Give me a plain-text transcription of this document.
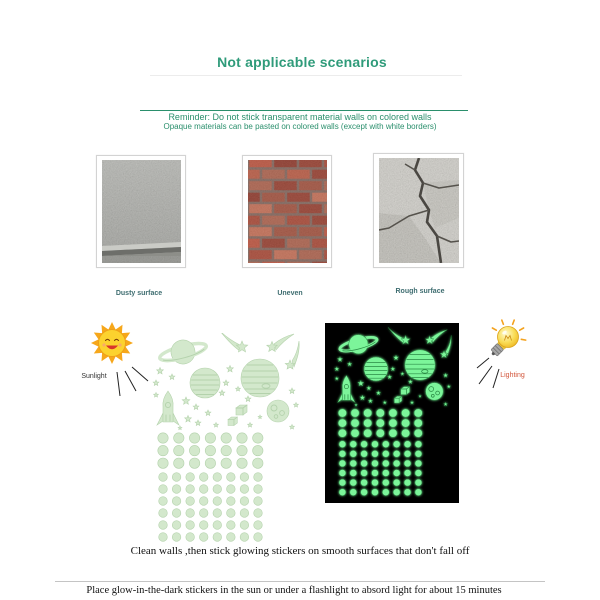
Not applicable scenarios
Reminder: Do not stick transparent material walls on colored walls
Opaque materials can be pasted on colored walls (except with white borders)
Dusty surface	Uneven	Rough surface
Sunlight	Lighting
Clean walls ,then stick glowing stickers on smooth surfaces that don't fall off
Place glow-in-the-dark stickers in the sun or under a flashlight to absord light for about 15 minutes
